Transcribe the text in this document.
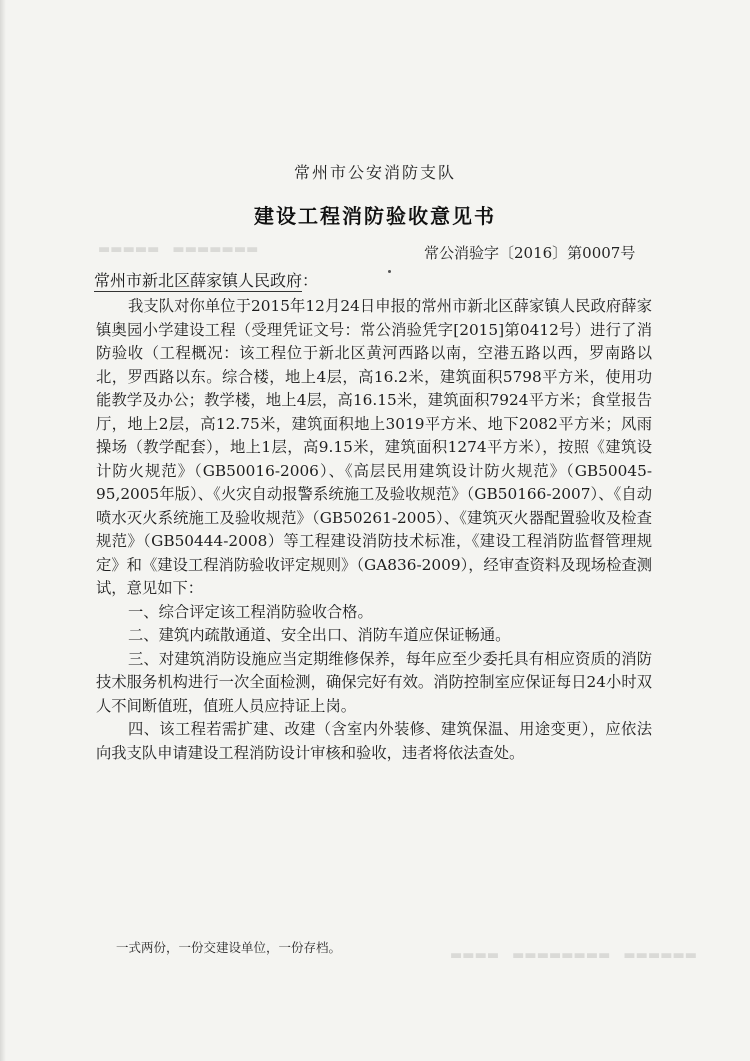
▬▬▬▬▬　▬▬▬▬▬▬▬
▬▬▬▬　▬▬▬▬▬▬▬▬　▬▬▬▬▬▬
常州市公安消防支队
建设工程消防验收意见书
常公消验字〔2016〕第0007号
常州市新北区薛家镇人民政府：

我支队对你单位于2015年12月24日申报的常州市新北区薛家镇人民政府薛家镇奥园小学建设工程（受理凭证文号：常公消验凭字[2015]第0412号）进行了消防验收（工程概况：该工程位于新北区黄河西路以南，空港五路以西，罗南路以北，罗西路以东。综合楼，地上4层，高16.2米，建筑面积5798平方米，使用功能教学及办公；教学楼，地上4层，高16.15米，建筑面积7924平方米；食堂报告厅，地上2层，高12.75米，建筑面积地上3019平方米、地下2082平方米；风雨操场（教学配套），地上1层，高9.15米，建筑面积1274平方米），按照《建筑设计防火规范》（GB50016-2006）、《高层民用建筑设计防火规范》（GB50045-95,2005年版）、《火灾自动报警系统施工及验收规范》（GB50166-2007）、《自动喷水灭火系统施工及验收规范》（GB50261-2005）、《建筑灭火器配置验收及检查规范》（GB50444-2008）等工程建设消防技术标准，《建设工程消防监督管理规定》和《建设工程消防验收评定规则》（GA836-2009），经审查资料及现场检查测试，意见如下：

一、综合评定该工程消防验收合格。

二、建筑内疏散通道、安全出口、消防车道应保证畅通。

三、对建筑消防设施应当定期维修保养，每年应至少委托具有相应资质的消防技术服务机构进行一次全面检测，确保完好有效。消防控制室应保证每日24小时双人不间断值班，值班人员应持证上岗。

四、该工程若需扩建、改建（含室内外装修、建筑保温、用途变更），应依法向我支队申请建设工程消防设计审核和验收，违者将依法查处。

一式两份，一份交建设单位，一份存档。
